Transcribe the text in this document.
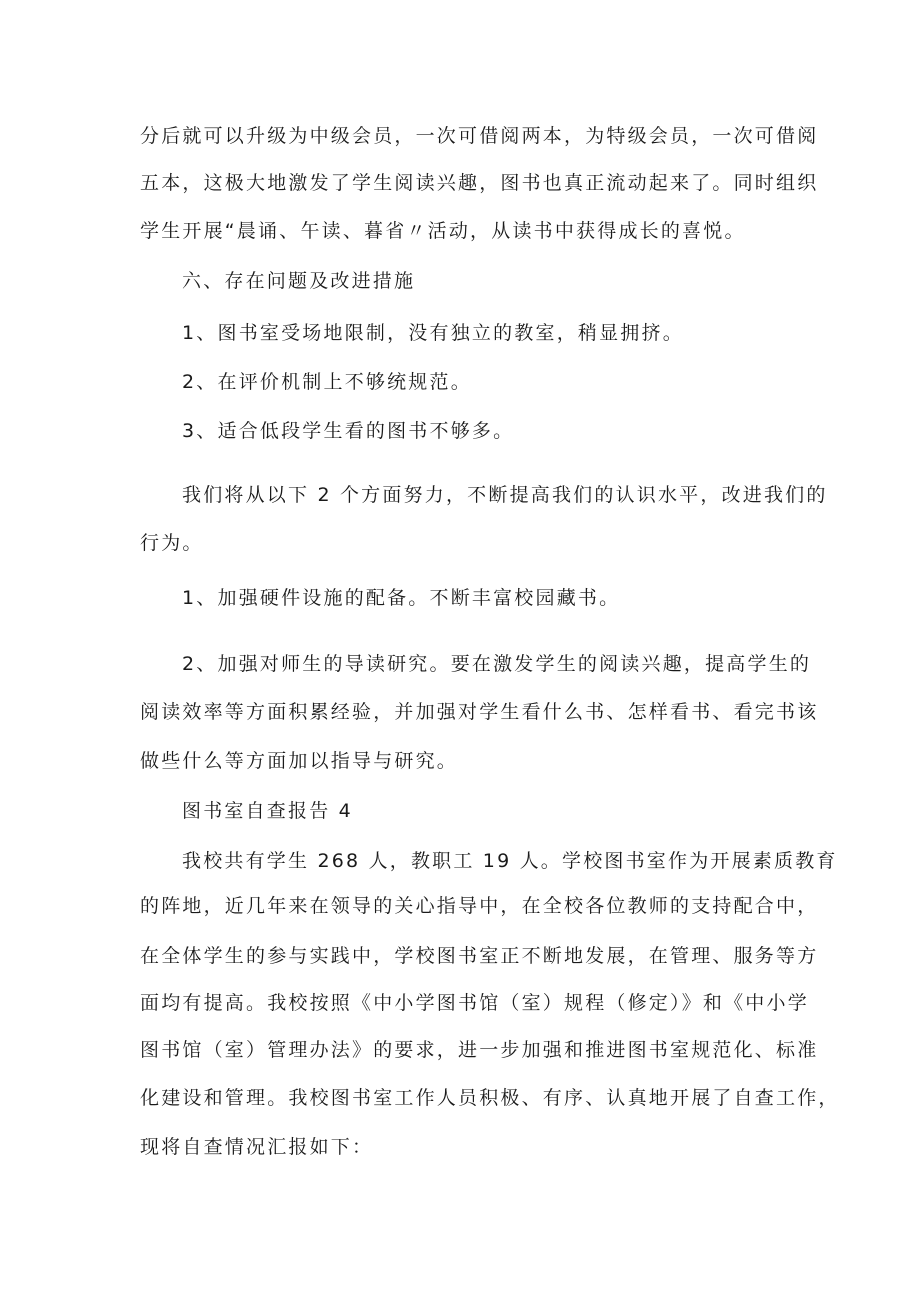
分后就可以升级为中级会员，一次可借阅两本，为特级会员，一次可借阅
五本，这极大地激发了学生阅读兴趣，图书也真正流动起来了。同时组织
学生开展“晨诵、午读、暮省〃活动，从读书中获得成长的喜悦。
六、存在问题及改进措施
1、图书室受场地限制，没有独立的教室，稍显拥挤。
2、在评价机制上不够统规范。
3、适合低段学生看的图书不够多。
我们将从以下 2 个方面努力，不断提高我们的认识水平，改进我们的
行为。
1、加强硬件设施的配备。不断丰富校园藏书。
2、加强对师生的导读研究。要在激发学生的阅读兴趣，提高学生的
阅读效率等方面积累经验，并加强对学生看什么书、怎样看书、看完书该
做些什么等方面加以指导与研究。
图书室自查报告 4
我校共有学生 268 人，教职工 19 人。学校图书室作为开展素质教育
的阵地，近几年来在领导的关心指导中，在全校各位教师的支持配合中，
在全体学生的参与实践中，学校图书室正不断地发展，在管理、服务等方
面均有提高。我校按照《中小学图书馆（室）规程（修定）》和《中小学
图书馆（室）管理办法》的要求，进一步加强和推进图书室规范化、标准
化建设和管理。我校图书室工作人员积极、有序、认真地开展了自查工作，
现将自查情况汇报如下：
